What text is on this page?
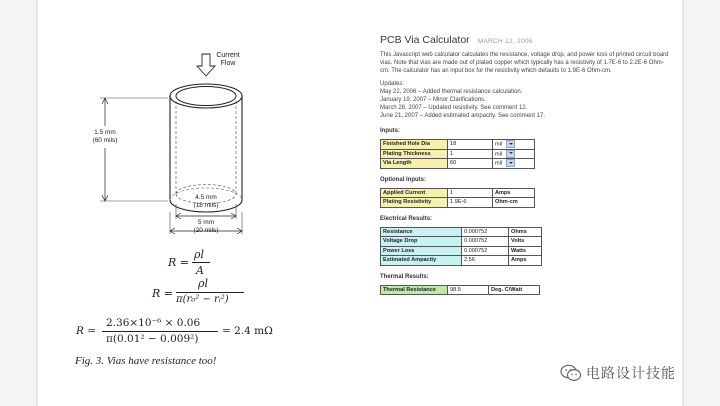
Current
Flow
1.5 mm
(60 mils)
4.5 mm
(18 mils)
5 mm
(20 mils)
R =
ρl
A
R =
ρl
π(r₀² − rᵢ²)
R =
2.36×10⁻⁶ × 0.06
π(0.01² − 0.009²)
= 2.4 mΩ
Fig. 3. Vias have resistance too!
PCB Via Calculator MARCH 12, 2006
This Javascript web calculator calculates the resistance, voltage drop, and power loss of printed circuit board vias. Note that vias are made out of plated copper which typically has a resistivity of 1.7E-6 to 2.2E-6 Ohm-cm. The calculator has an input box for the resistivity which defaults to 1.9E-6 Ohm-cm.
Updates:
May 22, 2006 – Added thermal resistance calculation.
January 19, 2007 – Minor Clarifications.
March 28, 2007 – Updated resistivity. See comment 12.
June 21, 2007 – Added estimated ampacity. See comment 17.
Inputs:
Finished Hole Dia	18	mil
Plating Thickness	1	mil
Via Length	60	mil
Optional Inputs:
Applied Current	1	Amps
Plating Resistivity	1.9E-6	Ohm-cm
Electrical Results:
Resistance	0.000752	Ohms
Voltage Drop	0.000752	Volts
Power Loss	0.000752	Watts
Estimated Ampacity	2.56	Amps
Thermal Results:
Thermal Resistance	98.5	Deg. C/Watt
电路设计技能
